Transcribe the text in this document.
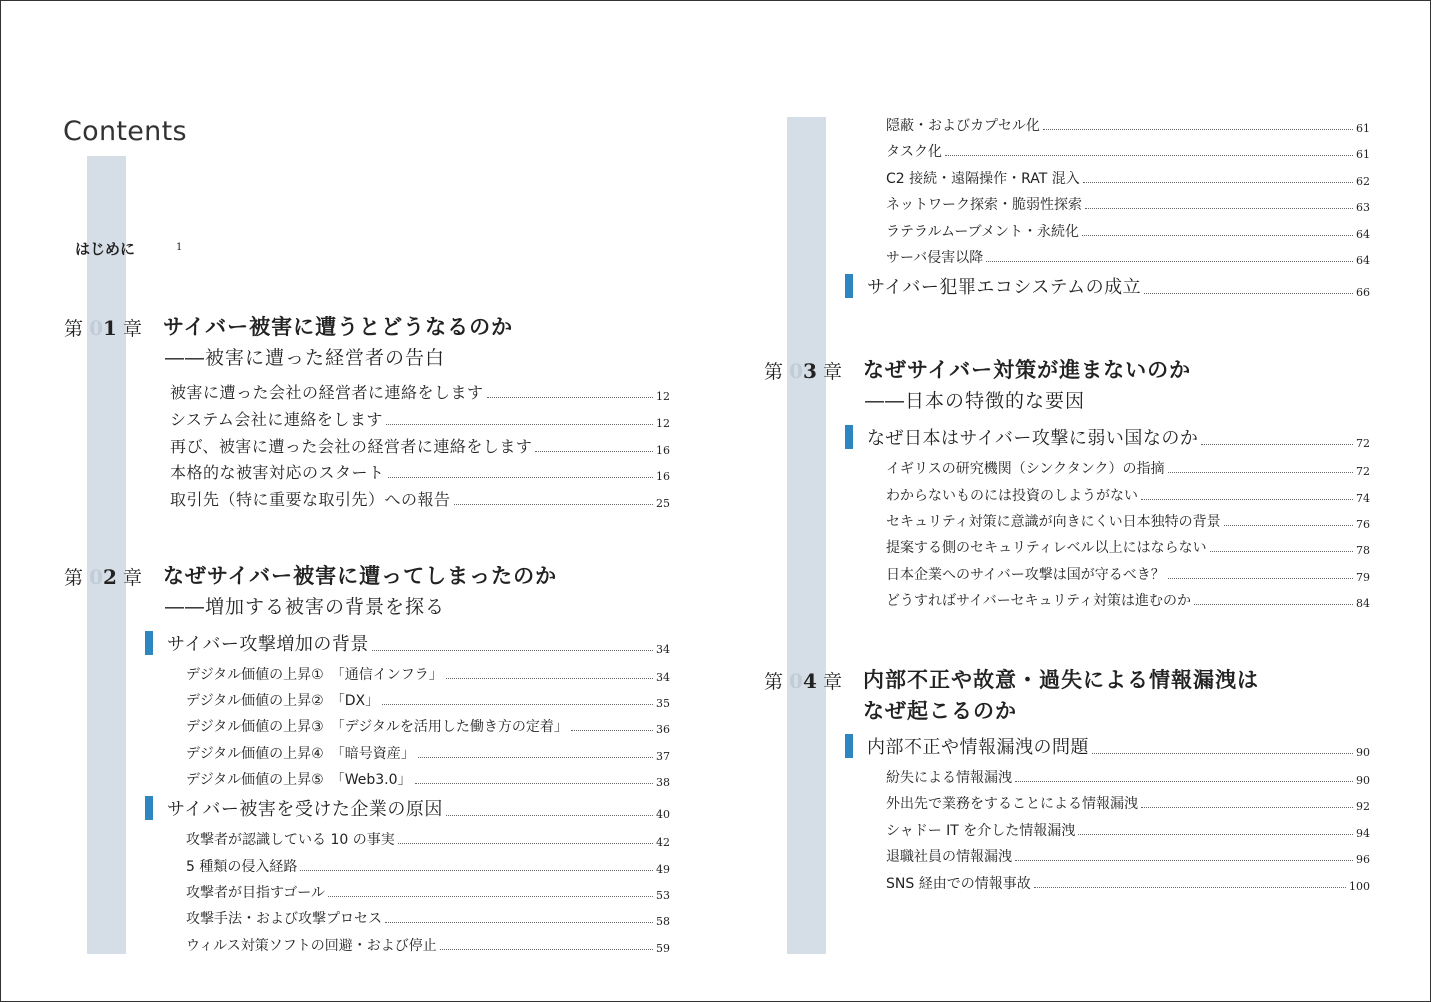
Contents
はじめに	1
第 01 章 サイバー被害に遭うとどうなるのか
――被害に遭った経営者の告白
被害に遭った会社の経営者に連絡をします	12
システム会社に連絡をします	12
再び、被害に遭った会社の経営者に連絡をします	16
本格的な被害対応のスタート	16
取引先（特に重要な取引先）への報告	25
第 02 章 なぜサイバー被害に遭ってしまったのか
――増加する被害の背景を探る
サイバー攻撃増加の背景	34
デジタル価値の上昇①　「通信インフラ」	34
デジタル価値の上昇②　「DX」	35
デジタル価値の上昇③　「デジタルを活用した働き方の定着」	36
デジタル価値の上昇④　「暗号資産」	37
デジタル価値の上昇⑤　「Web3.0」	38
サイバー被害を受けた企業の原因	40
攻撃者が認識している 10 の事実	42
5 種類の侵入経路	49
攻撃者が目指すゴール	53
攻撃手法・および攻撃プロセス	58
ウィルス対策ソフトの回避・および停止	59
隠蔽・およびカプセル化	61
タスク化	61
C2 接続・遠隔操作・RAT 混入	62
ネットワーク探索・脆弱性探索	63
ラテラルムーブメント・永続化	64
サーバ侵害以降	64
サイバー犯罪エコシステムの成立	66
第 03 章 なぜサイバー対策が進まないのか
――日本の特徴的な要因
なぜ日本はサイバー攻撃に弱い国なのか	72
イギリスの研究機関（シンクタンク）の指摘	72
わからないものには投資のしようがない	74
セキュリティ対策に意識が向きにくい日本独特の背景	76
提案する側のセキュリティレベル以上にはならない	78
日本企業へのサイバー攻撃は国が守るべき？	79
どうすればサイバーセキュリティ対策は進むのか	84
第 04 章 内部不正や故意・過失による情報漏洩は
なぜ起こるのか
内部不正や情報漏洩の問題	90
紛失による情報漏洩	90
外出先で業務をすることによる情報漏洩	92
シャドー IT を介した情報漏洩	94
退職社員の情報漏洩	96
SNS 経由での情報事故	100
